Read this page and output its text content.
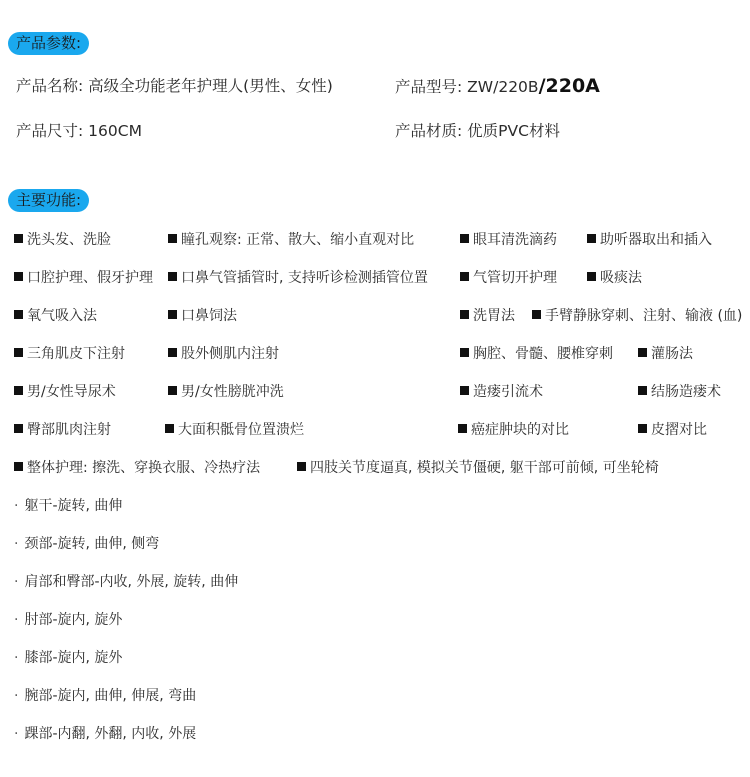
产品参数:
产品名称: 高级全功能老年护理人(男性、女性)	产品型号: ZW/220B/220A
产品尺寸: 160CM	产品材质: 优质PVC材料
主要功能:
洗头发、洗脸	瞳孔观察: 正常、散大、缩小直观对比	眼耳清洗滴药	助听器取出和插入
口腔护理、假牙护理	口鼻气管插管时, 支持听诊检测插管位置	气管切开护理	吸痰法
氧气吸入法	口鼻饲法	洗胃法	手臂静脉穿刺、注射、输液 (血)
三角肌皮下注射	股外侧肌内注射	胸腔、骨髓、腰椎穿刺	灌肠法
男/女性导尿术	男/女性膀胱冲洗	造瘘引流术	结肠造瘘术
臀部肌肉注射	大面积骶骨位置溃烂	癌症肿块的对比	皮摺对比
整体护理: 擦洗、穿换衣服、冷热疗法	四肢关节度逼真, 模拟关节僵硬, 躯干部可前倾, 可坐轮椅
· 躯干-旋转, 曲伸
· 颈部-旋转, 曲伸, 侧弯
· 肩部和臀部-内收, 外展, 旋转, 曲伸
· 肘部-旋内, 旋外
· 膝部-旋内, 旋外
· 腕部-旋内, 曲伸, 伸展, 弯曲
· 踝部-内翻, 外翻, 内收, 外展
